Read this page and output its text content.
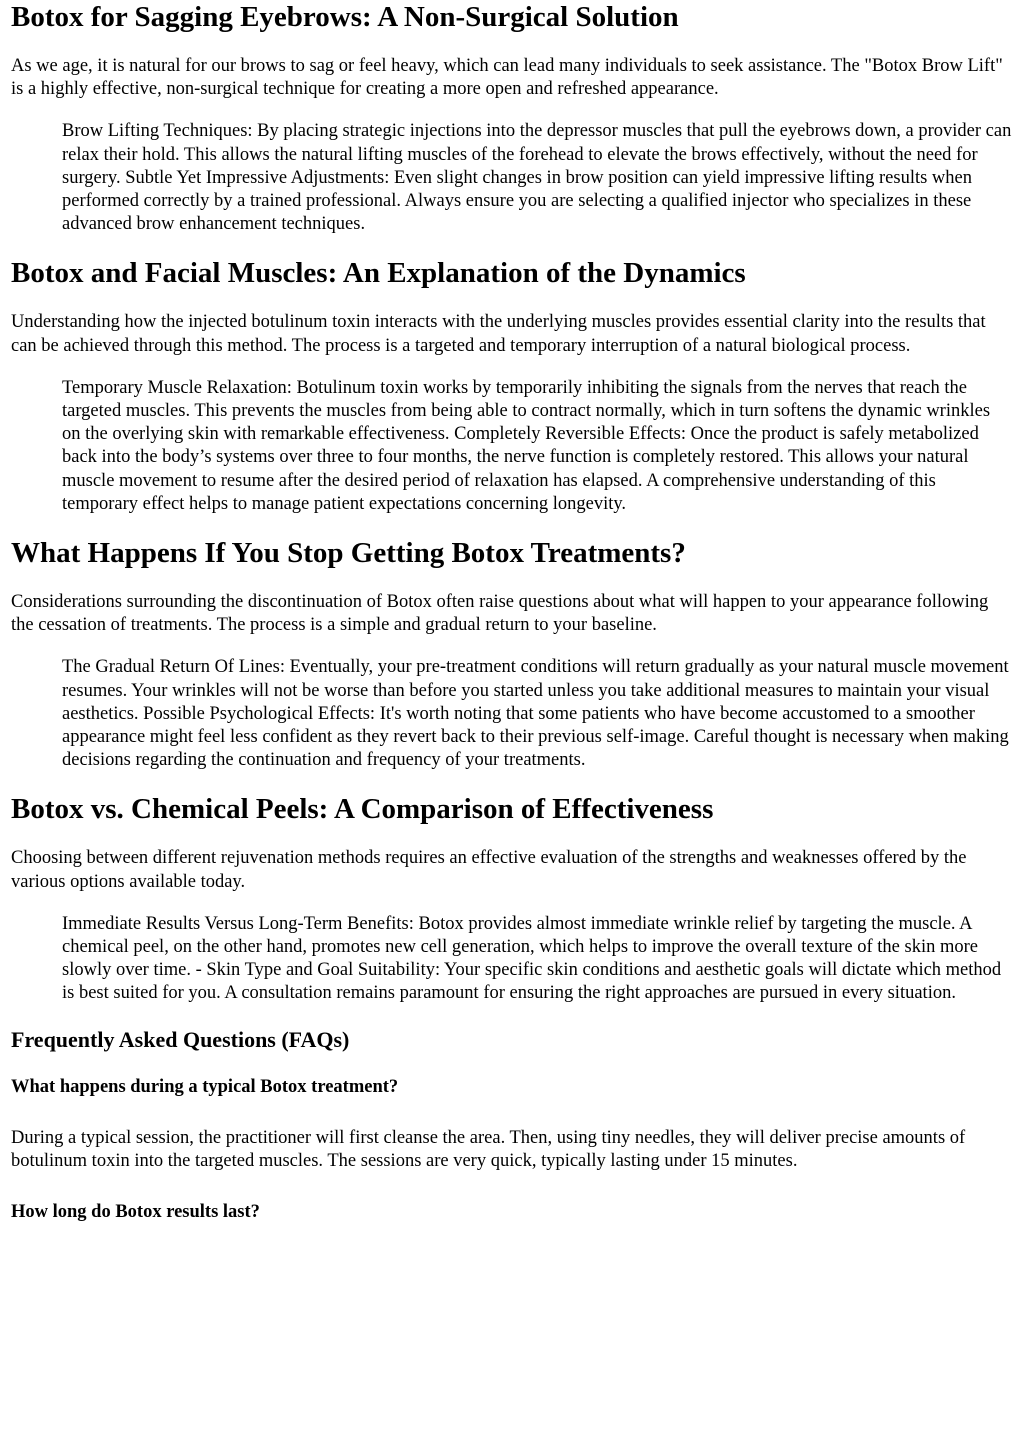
Botox for Sagging Eyebrows: A Non-Surgical Solution

As we age, it is natural for our brows to sag or feel heavy, which can lead many individuals to seek assistance. The "Botox Brow Lift" is a highly effective, non-surgical technique for creating a more open and refreshed appearance.

Brow Lifting Techniques: By placing strategic injections into the depressor muscles that pull the eyebrows down, a provider can relax their hold. This allows the natural lifting muscles of the forehead to elevate the brows effectively, without the need for surgery. Subtle Yet Impressive Adjustments: Even slight changes in brow position can yield impressive lifting results when performed correctly by a trained professional. Always ensure you are selecting a qualified injector who specializes in these advanced brow enhancement techniques.
Botox and Facial Muscles: An Explanation of the Dynamics

Understanding how the injected botulinum toxin interacts with the underlying muscles provides essential clarity into the results that can be achieved through this method. The process is a targeted and temporary interruption of a natural biological process.

Temporary Muscle Relaxation: Botulinum toxin works by temporarily inhibiting the signals from the nerves that reach the targeted muscles. This prevents the muscles from being able to contract normally, which in turn softens the dynamic wrinkles on the overlying skin with remarkable effectiveness. Completely Reversible Effects: Once the product is safely metabolized back into the body’s systems over three to four months, the nerve function is completely restored. This allows your natural muscle movement to resume after the desired period of relaxation has elapsed. A comprehensive understanding of this temporary effect helps to manage patient expectations concerning longevity.
What Happens If You Stop Getting Botox Treatments?

Considerations surrounding the discontinuation of Botox often raise questions about what will happen to your appearance following the cessation of treatments. The process is a simple and gradual return to your baseline.

The Gradual Return Of Lines: Eventually, your pre-treatment conditions will return gradually as your natural muscle movement resumes. Your wrinkles will not be worse than before you started unless you take additional measures to maintain your visual aesthetics. Possible Psychological Effects: It's worth noting that some patients who have become accustomed to a smoother appearance might feel less confident as they revert back to their previous self-image. Careful thought is necessary when making decisions regarding the continuation and frequency of your treatments.
Botox vs. Chemical Peels: A Comparison of Effectiveness

Choosing between different rejuvenation methods requires an effective evaluation of the strengths and weaknesses offered by the various options available today.

Immediate Results Versus Long-Term Benefits: Botox provides almost immediate wrinkle relief by targeting the muscle. A chemical peel, on the other hand, promotes new cell generation, which helps to improve the overall texture of the skin more slowly over time. - Skin Type and Goal Suitability: Your specific skin conditions and aesthetic goals will dictate which method is best suited for you. A consultation remains paramount for ensuring the right approaches are pursued in every situation.
Frequently Asked Questions (FAQs)
What happens during a typical Botox treatment?

During a typical session, the practitioner will first cleanse the area. Then, using tiny needles, they will deliver precise amounts of botulinum toxin into the targeted muscles. The sessions are very quick, typically lasting under 15 minutes.

How long do Botox results last?
